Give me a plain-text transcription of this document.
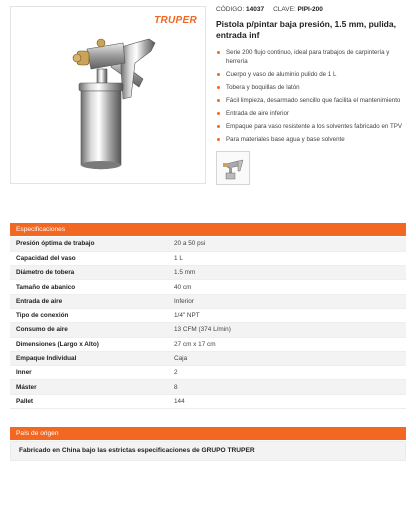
TRUPER
CÓDIGO: 14037 CLAVE: PIPI-200
Pistola p/pintar baja presión, 1.5 mm, pulida, entrada inf
Serie 200 flujo continuo, ideal para trabajos de carpintería y herrería
Cuerpo y vaso de aluminio pulido de 1 L
Tobera y boquillas de latón
Fácil limpieza, desarmado sencillo que facilita el mantenimiento
Entrada de aire inferior
Empaque para vaso resistente a los solventes fabricado en TPV
Para materiales base agua y base solvente
Especificaciones
Presión óptima de trabajo	20 a 50 psi
Capacidad del vaso	1 L
Diámetro de tobera	1.5 mm
Tamaño de abanico	40 cm
Entrada de aire	Inferior
Tipo de conexión	1/4" NPT
Consumo de aire	13 CFM (374 L/min)
Dimensiones (Largo x Alto)	27 cm x 17 cm
Empaque Individual	Caja
Inner	2
Máster	8
Pallet	144
País de origen
Fabricado en China bajo las estrictas especificaciones de GRUPO TRUPER
